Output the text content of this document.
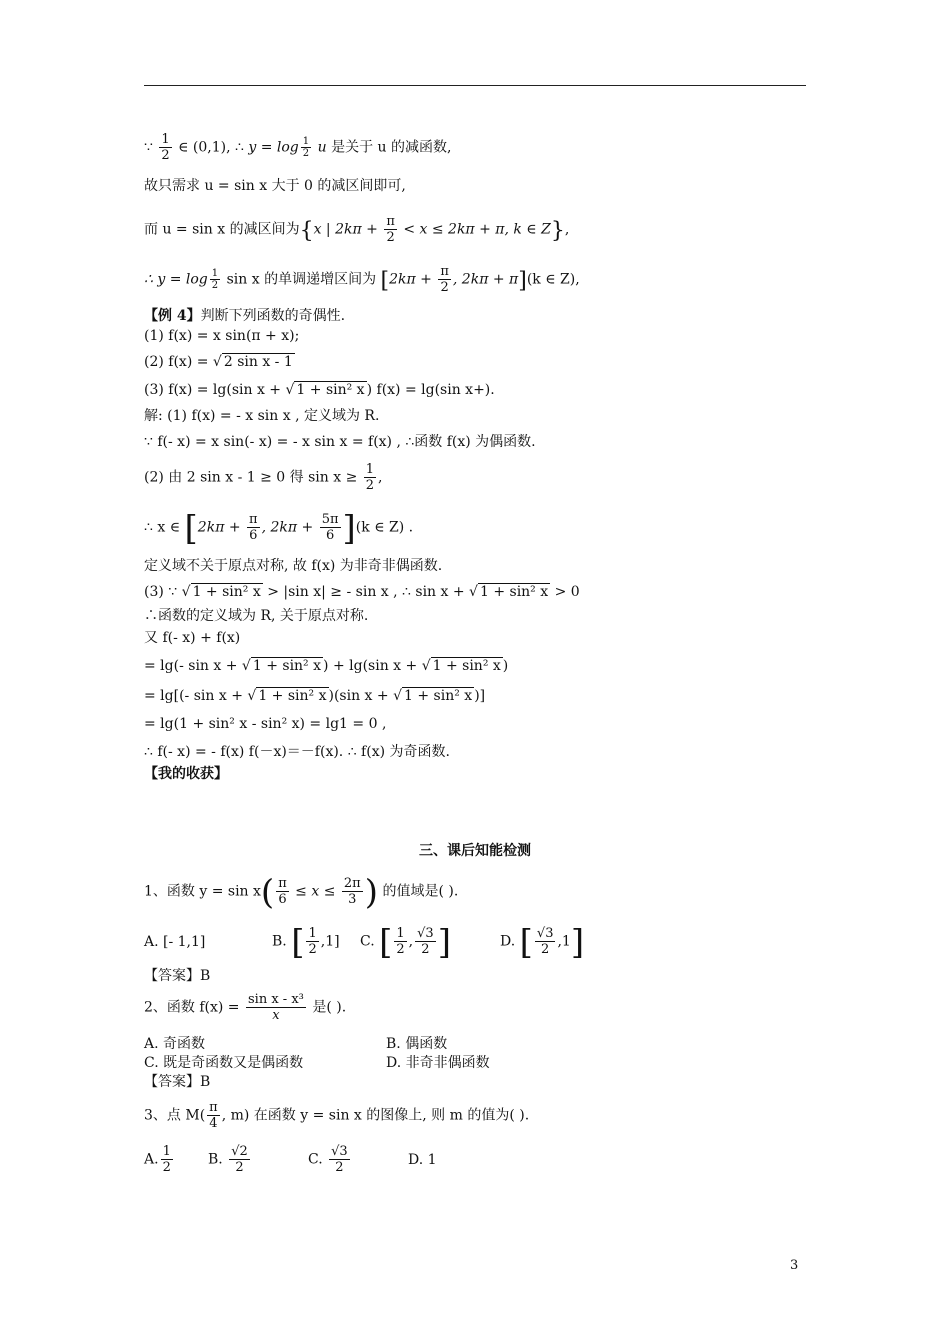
∵ $\frac{1}{2}$ ∈ (0,1), ∴ $y = \log \frac{1}{2}$ u 是关于 u 的减函数,
故只需求 u = sin x 大于 0 的减区间即可,
而 u = sin x 的减区间为{x | $2k\pi + \frac{\pi}{2} < x \le 2k\pi + \pi$, k ∈ Z},
∴ $y = \log \frac{1}{2}$ sin x 的单调递增区间为 [$2k\pi + \frac{\pi}{2}$ , 2kπ + π](k ∈ Z),
【例 4】判断下列函数的奇偶性.
(1) f(x) = x sin(π + x);
(2) f(x) = √ 2 sin x - 1
(3) f(x) = lg(sin x + √ 1 + sin² x ) f(x) = lg(sin x+).
解: (1) f(x) = - x sin x , 定义域为 R.
∵ f(- x) = x sin(- x) = - x sin x = f(x) , ∴函数 f(x) 为偶函数.
(2) 由 2 sin x - 1 ≥ 0 得 $\sin x \ge \frac{1}{2}$ ,
∴ x ∈ [$2k\pi + \frac{\pi}{6}$ , $2k\pi + \frac{5\pi}{6} ](k$ ∈ Z) .
定义域不关于原点对称, 故 f(x) 为非奇非偶函数.
(3) ∵ √ 1 + sin² x > |sin x| ≥ - sin x , ∴ sin x + √ 1 + sin² x > 0
∴函数的定义域为 R, 关于原点对称.
又 f(- x) + f(x)
= lg(- sin x + √ 1 + sin² x ) + lg(sin x + √ 1 + sin² x )
= lg[(- sin x + √ 1 + sin² x )(sin x + √ 1 + sin² x )]
= lg(1 + sin² x - sin² x) = lg1 = 0 ,
∴ f(- x) = - f(x) f(－x)＝－f(x). ∴ f(x) 为奇函数.
【我的收获】
三、课后知能检测
1、函数 $y = \sin x( \frac{\pi}{6} \le x \le \frac{2\pi}{3}$ ) 的值域是( ).
A. [- 1,1]	B. [ $\frac{1}{2} ,1$] C. [ $\frac{1}{2}$ , $\frac{√3}{2}$ ]	D. [ $\frac{√3}{2} ,1$]
【答案】B
2、函数 $f(x) = \frac{\text{sin x - x³}}{x}$ 是( ).
A. 奇函数	B. 偶函数
C. 既是奇函数又是偶函数	D. 非奇非偶函数
【答案】B
3、点 $M( \frac{\pi}{4}$ , m) 在函数 y = sin x 的图像上, 则 m 的值为( ).
A. $\frac{1}{2}$	B. $\frac{√2}{2}$	C. $\frac{√3}{2}$	D. 1
3
